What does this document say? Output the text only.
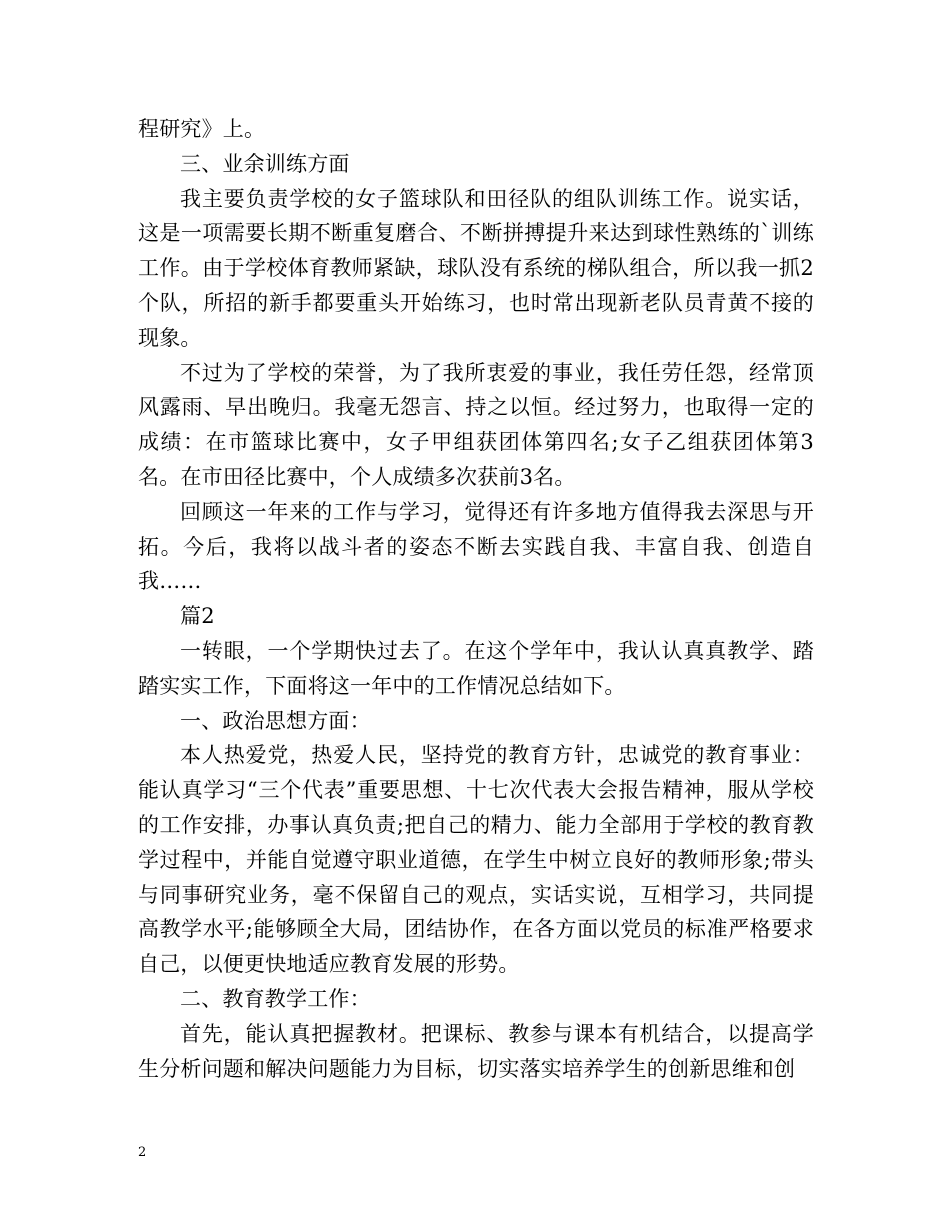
程研究》上。

三、业余训练方面

我主要负责学校的女子篮球队和田径队的组队训练工作。说实话，这是一项需要长期不断重复磨合、不断拼搏提升来达到球性熟练的`训练工作。由于学校体育教师紧缺，球队没有系统的梯队组合，所以我一抓2个队，所招的新手都要重头开始练习，也时常出现新老队员青黄不接的现象。

不过为了学校的荣誉，为了我所衷爱的事业，我任劳任怨，经常顶风露雨、早出晚归。我毫无怨言、持之以恒。经过努力，也取得一定的成绩：在市篮球比赛中，女子甲组获团体第四名;女子乙组获团体第3名。在市田径比赛中，个人成绩多次获前3名。

回顾这一年来的工作与学习，觉得还有许多地方值得我去深思与开拓。今后，我将以战斗者的姿态不断去实践自我、丰富自我、创造自我……

篇2

一转眼，一个学期快过去了。在这个学年中，我认认真真教学、踏踏实实工作，下面将这一年中的工作情况总结如下。

一、政治思想方面：

本人热爱党，热爱人民，坚持党的教育方针，忠诚党的教育事业：能认真学习“三个代表”重要思想、十七次代表大会报告精神，服从学校的工作安排，办事认真负责;把自己的精力、能力全部用于学校的教育教学过程中，并能自觉遵守职业道德，在学生中树立良好的教师形象;带头与同事研究业务，毫不保留自己的观点，实话实说，互相学习，共同提高教学水平;能够顾全大局，团结协作，在各方面以党员的标准严格要求自己，以便更快地适应教育发展的形势。

二、教育教学工作：

首先，能认真把握教材。把课标、教参与课本有机结合，以提高学生分析问题和解决问题能力为目标，切实落实培养学生的创新思维和创

2
